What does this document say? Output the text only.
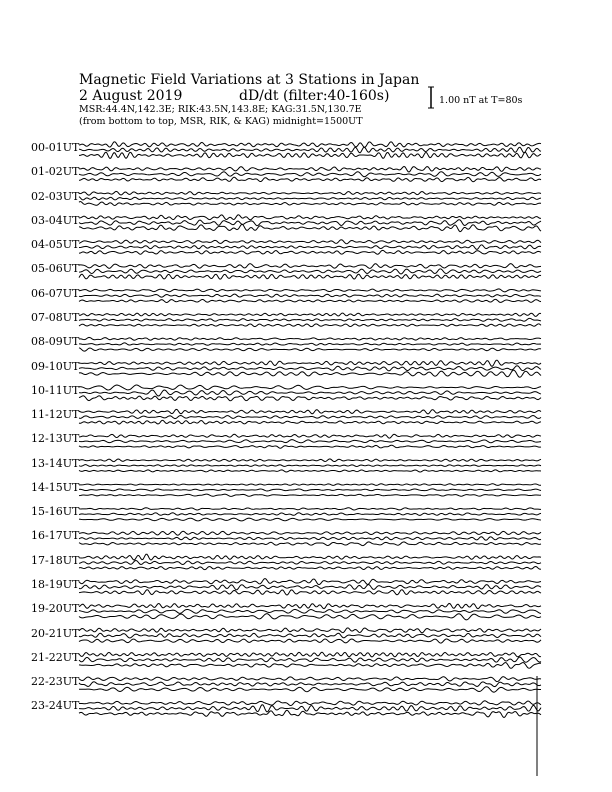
Magnetic Field Variations at 3 Stations in Japan
2 August 2019	dD/dt (filter:40-160s)
MSR:44.4N,142.3E; RIK:43.5N,143.8E; KAG:31.5N,130.7E
(from bottom to top, MSR, RIK, & KAG) midnight=1500UT
1.00 nT at T=80s
00-01UT
01-02UT
02-03UT
03-04UT
04-05UT
05-06UT
06-07UT
07-08UT
08-09UT
09-10UT
10-11UT
11-12UT
12-13UT
13-14UT
14-15UT
15-16UT
16-17UT
17-18UT
18-19UT
19-20UT
20-21UT
21-22UT
22-23UT
23-24UT
